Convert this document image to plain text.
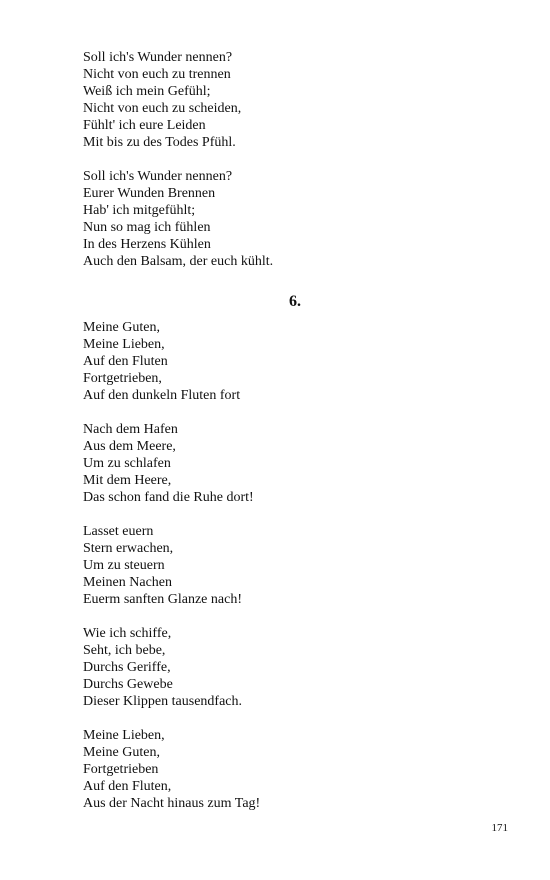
Soll ich's Wunder nennen?
Nicht von euch zu trennen
Weiß ich mein Gefühl;
Nicht von euch zu scheiden,
Fühlt' ich eure Leiden
Mit bis zu des Todes Pfühl.
Soll ich's Wunder nennen?
Eurer Wunden Brennen
Hab' ich mitgefühlt;
Nun so mag ich fühlen
In des Herzens Kühlen
Auch den Balsam, der euch kühlt.
6.
Meine Guten,
Meine Lieben,
Auf den Fluten
Fortgetrieben,
Auf den dunkeln Fluten fort
Nach dem Hafen
Aus dem Meere,
Um zu schlafen
Mit dem Heere,
Das schon fand die Ruhe dort!
Lasset euern
Stern erwachen,
Um zu steuern
Meinen Nachen
Euerm sanften Glanze nach!
Wie ich schiffe,
Seht, ich bebe,
Durchs Geriffe,
Durchs Gewebe
Dieser Klippen tausendfach.
Meine Lieben,
Meine Guten,
Fortgetrieben
Auf den Fluten,
Aus der Nacht hinaus zum Tag!
171
